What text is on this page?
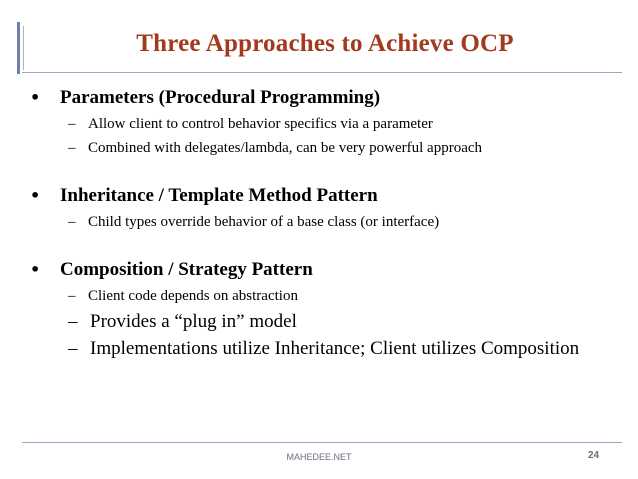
Three Approaches to Achieve OCP
•	Parameters (Procedural Programming)
– Allow client to control behavior specifics via a parameter
– Combined with delegates/lambda, can be very powerful approach
•	Inheritance / Template Method Pattern
– Child types override behavior of a base class (or interface)
•	Composition / Strategy Pattern
– Client code depends on abstraction
– Provides a “plug in” model
– Implementations utilize Inheritance; Client utilizes Composition
MAHEDEE.NET	24
